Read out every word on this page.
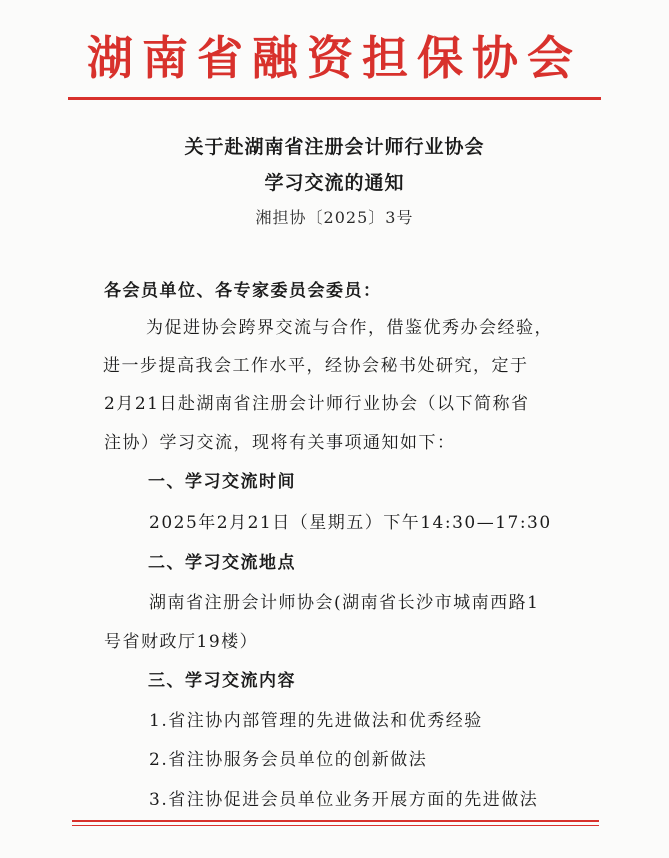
湖南省融资担保协会
关于赴湖南省注册会计师行业协会
学习交流的通知
湘担协〔2025〕3号
各会员单位、各专家委员会委员：
为促进协会跨界交流与合作，借鉴优秀办会经验，
进一步提高我会工作水平，经协会秘书处研究，定于
2月21日赴湖南省注册会计师行业协会（以下简称省
注协）学习交流，现将有关事项通知如下：
一、学习交流时间
2025年2月21日（星期五）下午14:30—17:30
二、学习交流地点
湖南省注册会计师协会(湖南省长沙市城南西路1
号省财政厅19楼）
三、学习交流内容
1.省注协内部管理的先进做法和优秀经验
2.省注协服务会员单位的创新做法
3.省注协促进会员单位业务开展方面的先进做法
